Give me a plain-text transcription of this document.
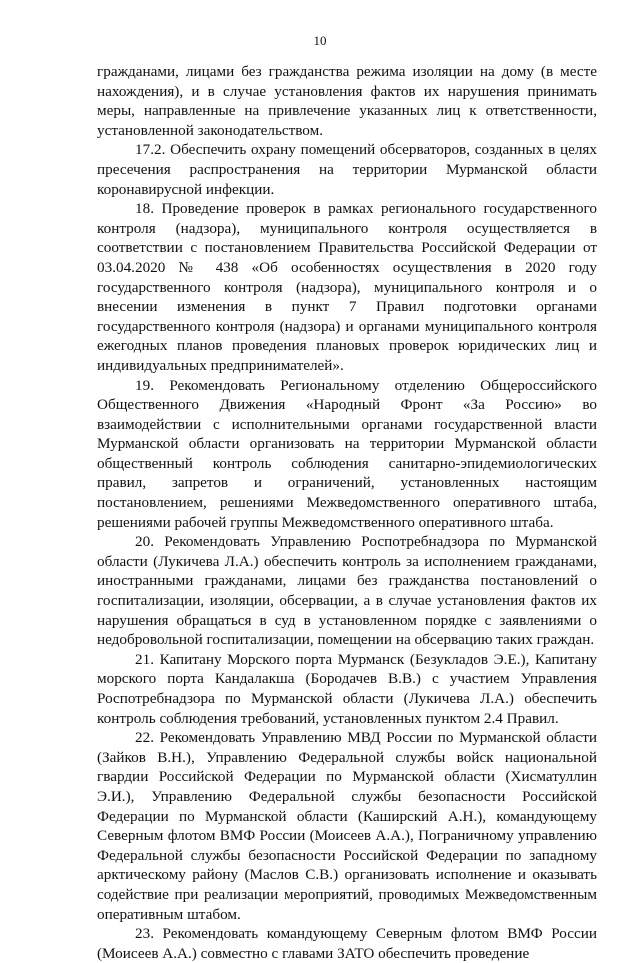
10

гражданами, лицами без гражданства режима изоляции на дому (в месте нахождения), и в случае установления фактов их нарушения принимать меры, направленные на привлечение указанных лиц к ответственности, установленной законодательством.

17.2. Обеспечить охрану помещений обсерваторов, созданных в целях пресечения распространения на территории Мурманской области коронавирусной инфекции.

18. Проведение проверок в рамках регионального государственного контроля (надзора), муниципального контроля осуществляется в соответствии с постановлением Правительства Российской Федерации от 03.04.2020 № 438 «Об особенностях осуществления в 2020 году государственного контроля (надзора), муниципального контроля и о внесении изменения в пункт 7 Правил подготовки органами государственного контроля (надзора) и органами муниципального контроля ежегодных планов проведения плановых проверок юридических лиц и индивидуальных предпринимателей».

19. Рекомендовать Региональному отделению Общероссийского Общественного Движения «Народный Фронт «За Россию» во взаимодействии с исполнительными органами государственной власти Мурманской области организовать на территории Мурманской области общественный контроль соблюдения санитарно-эпидемиологических правил, запретов и ограничений, установленных настоящим постановлением, решениями Межведомственного оперативного штаба, решениями рабочей группы Межведомственного оперативного штаба.

20. Рекомендовать Управлению Роспотребнадзора по Мурманской области (Лукичева Л.А.) обеспечить контроль за исполнением гражданами, иностранными гражданами, лицами без гражданства постановлений о госпитализации, изоляции, обсервации, а в случае установления фактов их нарушения обращаться в суд в установленном порядке с заявлениями о недобровольной госпитализации, помещении на обсервацию таких граждан.

21. Капитану Морского порта Мурманск (Безукладов Э.Е.), Капитану морского порта Кандалакша (Бородачев В.В.) с участием Управления Роспотребнадзора по Мурманской области (Лукичева Л.А.) обеспечить контроль соблюдения требований, установленных пунктом 2.4 Правил.

22. Рекомендовать Управлению МВД России по Мурманской области (Зайков В.Н.), Управлению Федеральной службы войск национальной гвардии Российской Федерации по Мурманской области (Хисматуллин Э.И.), Управлению Федеральной службы безопасности Российской Федерации по Мурманской области (Каширский А.Н.), командующему Северным флотом ВМФ России (Моисеев А.А.), Пограничному управлению Федеральной службы безопасности Российской Федерации по западному арктическому району (Маслов С.В.) организовать исполнение и оказывать содействие при реализации мероприятий, проводимых Межведомственным оперативным штабом.

23. Рекомендовать командующему Северным флотом ВМФ России (Моисеев А.А.) совместно с главами ЗАТО обеспечить проведение
